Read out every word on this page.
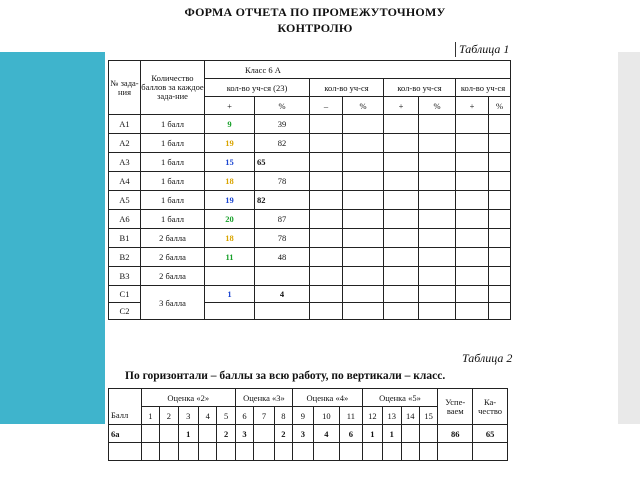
ФОРМА ОТЧЕТА ПО ПРОМЕЖУТОЧНОМУ
КОНТРОЛЮ
Таблица 1
№ зада-ния	Количество баллов за каждое зада-ние	Класс 6 А							
		кол-во уч-ся (23)		кол-во уч-ся		кол-во уч-ся		кол-во уч-ся	
		+	%	–	%	+	%	+	%
А1	1 балл	9	39						
А2	1 балл	19	82						
А3	1 балл	15	65						
А4	1 балл	18	78						
А5	1 балл	19	82						
А6	1 балл	20	87						
В1	2 балла	18	78						
В2	2 балла	11	48						
В3	2 балла								
С1	3 балла	1	4						
С2									
Таблица 2
По горизонтали – баллы за всю работу, по вертикали – класс.
	Оценка «2»					Оценка «3»			Оценка «4»			Оценка «5»				Успе-ваем	Ка-чество
Балл	1	2	3	4	5	6	7	8	9	10	11	12	13	14	15		
6а			1		2	3		2	3	4	6	1	1			86	65
